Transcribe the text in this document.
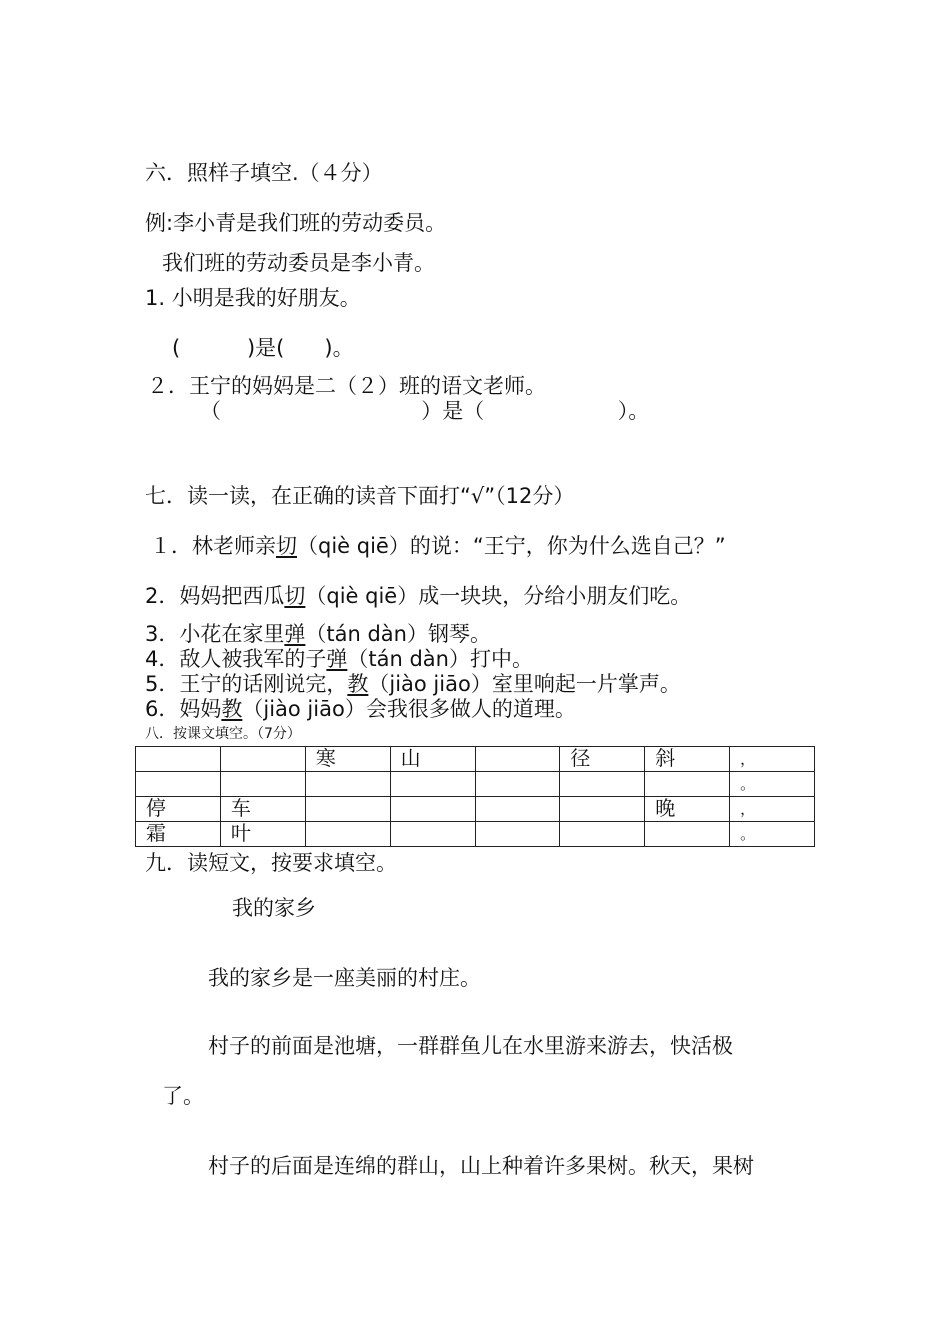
六．照样子填空.（４分）
例:李小青是我们班的劳动委员。
我们班的劳动委员是李小青。
1. 小明是我的好朋友。
(          )是(      )。
２．王宁的妈妈是二（２）班的语文老师。
（                              ）是（                    ）。
七．读一读，在正确的读音下面打“√”（12分）
１．林老师亲切（qiè qiē）的说：“王宁，你为什么选自己？”
2．妈妈把西瓜切（qiè qiē）成一块块，分给小朋友们吃。
3．小花在家里弹（tán dàn）钢琴。
4．敌人被我军的子弹（tán dàn）打中。
5．王宁的话刚说完，教（jiào jiāo）室里响起一片掌声。
6．妈妈教（jiào jiāo）会我很多做人的道理。
八．按课文填空。（7分）
		寒	山		径	斜	，
							。
停	车					晚	，
霜	叶						。
九．读短文，按要求填空。
我的家乡
我的家乡是一座美丽的村庄。
村子的前面是池塘，一群群鱼儿在水里游来游去，快活极
了。
村子的后面是连绵的群山，山上种着许多果树。秋天，果树
